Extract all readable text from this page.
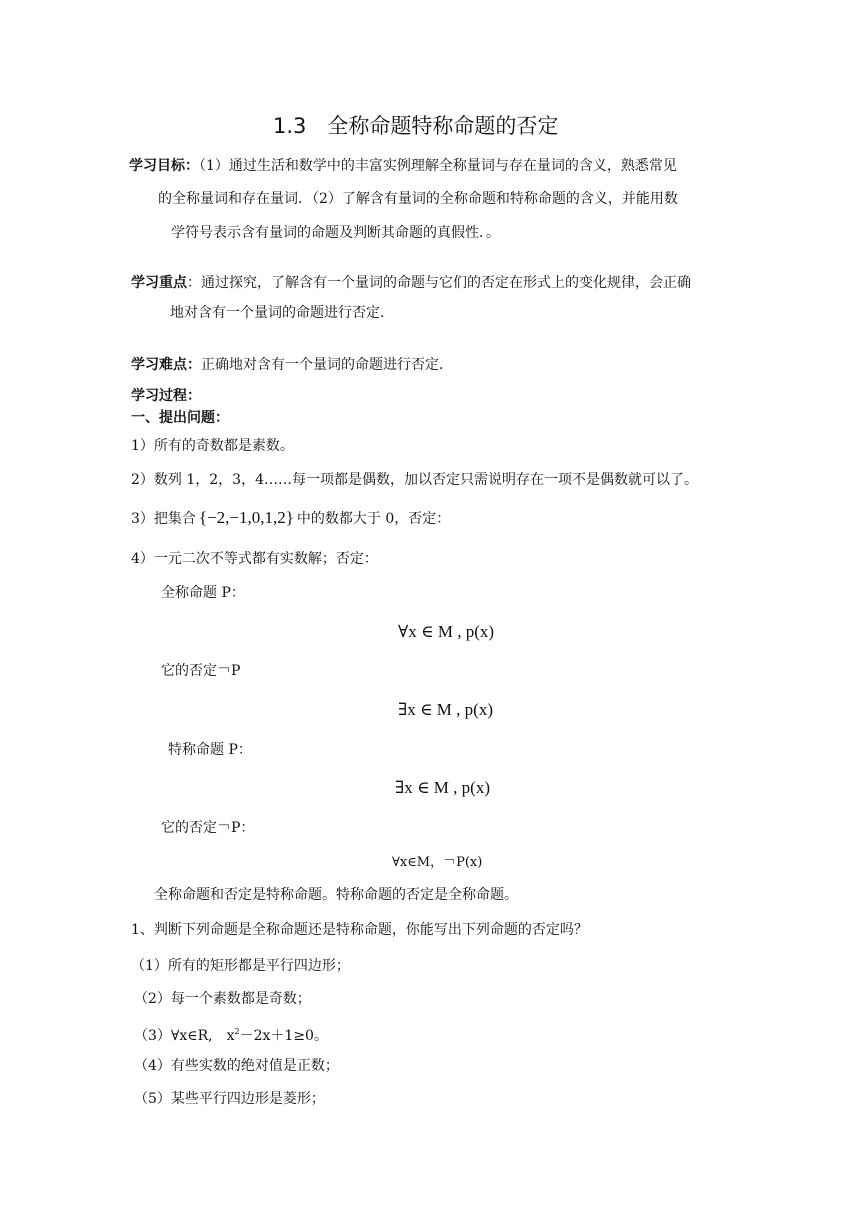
1.3　全称命题特称命题的否定
学习目标：（1）通过生活和数学中的丰富实例理解全称量词与存在量词的含义，熟悉常见
的全称量词和存在量词．（2）了解含有量词的全称命题和特称命题的含义，并能用数
学符号表示含有量词的命题及判断其命题的真假性．。
学习重点：通过探究，了解含有一个量词的命题与它们的否定在形式上的变化规律，会正确
地对含有一个量词的命题进行否定．
学习难点：正确地对含有一个量词的命题进行否定．
学习过程：
一、提出问题：
1）所有的奇数都是素数。
2）数列 1，2，3，4……每一项都是偶数，加以否定只需说明存在一项不是偶数就可以了。
3）把集合 {−2,−1,0,1,2} 中的数都大于 0，否定：
4）一元二次不等式都有实数解；否定：
全称命题 P：
∀x ∈ M , p(x)
它的否定￢P
∃x ∈ M , p(x)
特称命题 P：
∃x ∈ M , p(x)
它的否定￢P：
∀x∈M，￢P(x)
全称命题和否定是特称命题。特称命题的否定是全称命题。
1、判断下列命题是全称命题还是特称命题，你能写出下列命题的否定吗？
（1）所有的矩形都是平行四边形；
（2）每一个素数都是奇数；
（3）∀x∈R,　$x^2-2x+1\ge 0$。
（4）有些实数的绝对值是正数；
（5）某些平行四边形是菱形；
